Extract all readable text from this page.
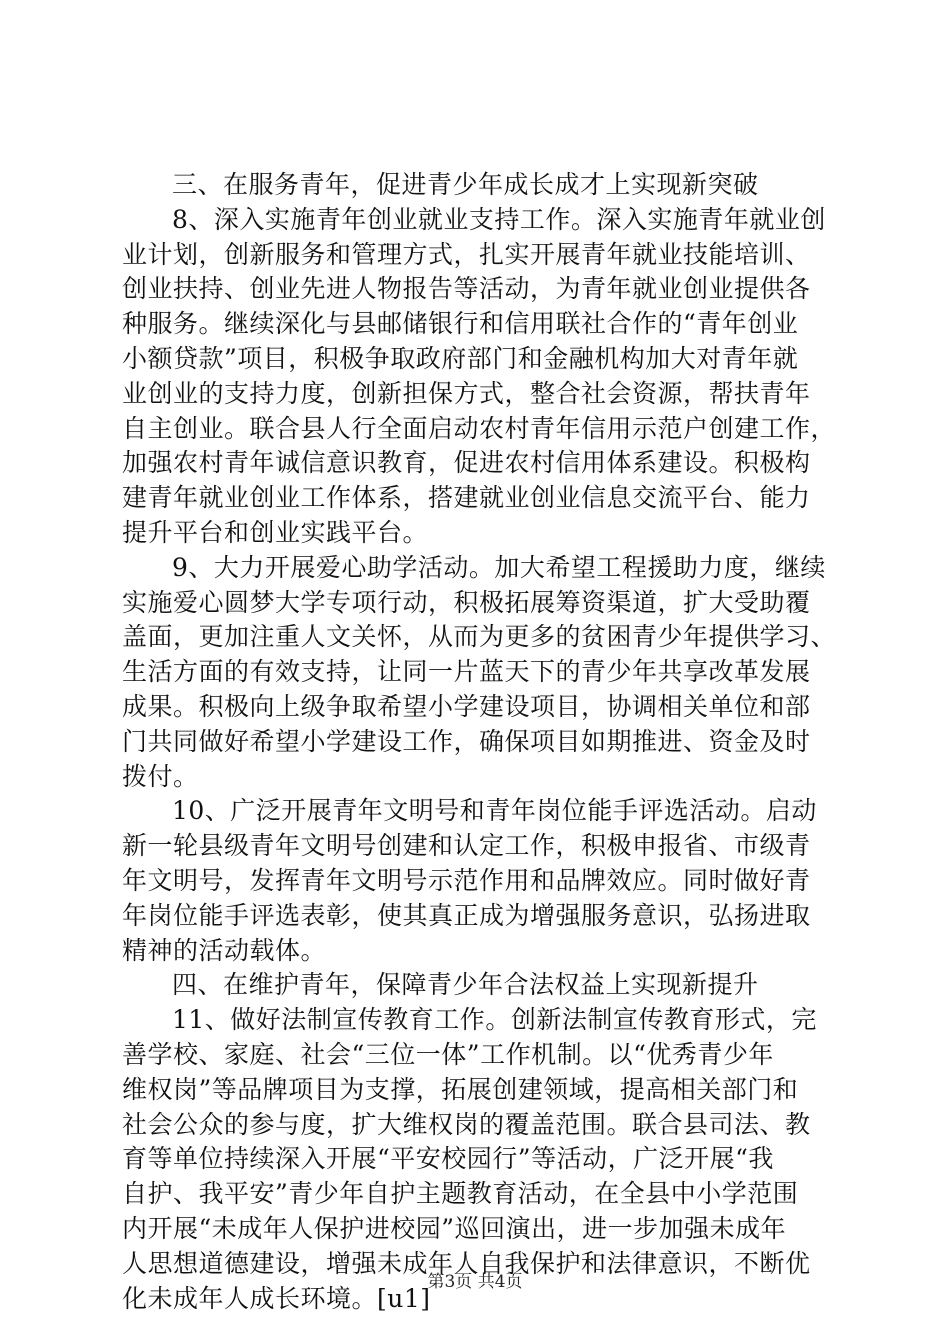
三、在服务青年，促进青少年成长成才上实现新突破
8、深入实施青年创业就业支持工作。深入实施青年就业创
业计划，创新服务和管理方式，扎实开展青年就业技能培训、
创业扶持、创业先进人物报告等活动，为青年就业创业提供各
种服务。继续深化与县邮储银行和信用联社合作的“青年创业
小额贷款”项目，积极争取政府部门和金融机构加大对青年就
业创业的支持力度，创新担保方式，整合社会资源，帮扶青年
自主创业。联合县人行全面启动农村青年信用示范户创建工作，
加强农村青年诚信意识教育，促进农村信用体系建设。积极构
建青年就业创业工作体系，搭建就业创业信息交流平台、能力
提升平台和创业实践平台。
9、大力开展爱心助学活动。加大希望工程援助力度，继续
实施爱心圆梦大学专项行动，积极拓展筹资渠道，扩大受助覆
盖面，更加注重人文关怀，从而为更多的贫困青少年提供学习、
生活方面的有效支持，让同一片蓝天下的青少年共享改革发展
成果。积极向上级争取希望小学建设项目，协调相关单位和部
门共同做好希望小学建设工作，确保项目如期推进、资金及时
拨付。
10、广泛开展青年文明号和青年岗位能手评选活动。启动
新一轮县级青年文明号创建和认定工作，积极申报省、市级青
年文明号，发挥青年文明号示范作用和品牌效应。同时做好青
年岗位能手评选表彰，使其真正成为增强服务意识，弘扬进取
精神的活动载体。
四、在维护青年，保障青少年合法权益上实现新提升
11、做好法制宣传教育工作。创新法制宣传教育形式，完
善学校、家庭、社会“三位一体”工作机制。以“优秀青少年
维权岗”等品牌项目为支撑，拓展创建领域，提高相关部门和
社会公众的参与度，扩大维权岗的覆盖范围。联合县司法、教
育等单位持续深入开展“平安校园行”等活动，广泛开展“我
自护、我平安”青少年自护主题教育活动，在全县中小学范围
内开展“未成年人保护进校园”巡回演出，进一步加强未成年
人思想道德建设，增强未成年人自我保护和法律意识，不断优
化未成年人成长环境。[u1]
第3页 共4页
